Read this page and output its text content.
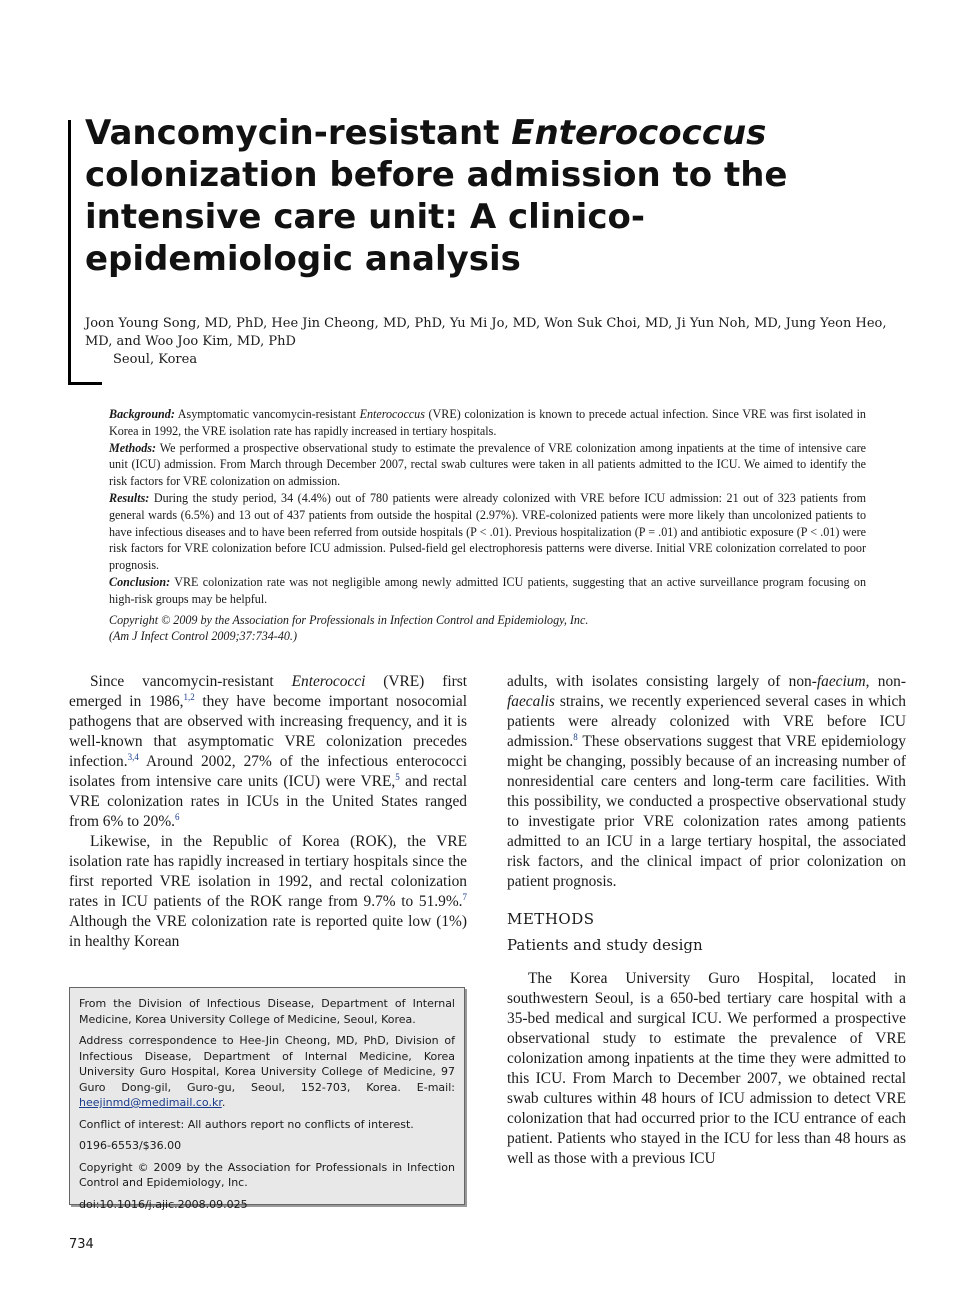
Vancomycin-resistant Enterococcus colonization before admission to the intensive care unit: A clinico-epidemiologic analysis
Joon Young Song, MD, PhD, Hee Jin Cheong, MD, PhD, Yu Mi Jo, MD, Won Suk Choi, MD, Ji Yun Noh, MD, Jung Yeon Heo, MD, and Woo Joo Kim, MD, PhD
Seoul, Korea

Background: Asymptomatic vancomycin-resistant Enterococcus (VRE) colonization is known to precede actual infection. Since VRE was first isolated in Korea in 1992, the VRE isolation rate has rapidly increased in tertiary hospitals.

Methods: We performed a prospective observational study to estimate the prevalence of VRE colonization among inpatients at the time of intensive care unit (ICU) admission. From March through December 2007, rectal swab cultures were taken in all patients admitted to the ICU. We aimed to identify the risk factors for VRE colonization on admission.

Results: During the study period, 34 (4.4%) out of 780 patients were already colonized with VRE before ICU admission: 21 out of 323 patients from general wards (6.5%) and 13 out of 437 patients from outside the hospital (2.97%). VRE-colonized patients were more likely than uncolonized patients to have infectious diseases and to have been referred from outside hospitals (P < .01). Previous hospitalization (P = .01) and antibiotic exposure (P < .01) were risk factors for VRE colonization before ICU admission. Pulsed-field gel electrophoresis patterns were diverse. Initial VRE colonization correlated to poor prognosis.

Conclusion: VRE colonization rate was not negligible among newly admitted ICU patients, suggesting that an active surveillance program focusing on high-risk groups may be helpful.

Copyright © 2009 by the Association for Professionals in Infection Control and Epidemiology, Inc.

(Am J Infect Control 2009;37:734-40.)

Since vancomycin-resistant Enterococci (VRE) first emerged in 1986,$^{1,2}$ they have become important nosocomial pathogens that are observed with increasing frequency, and it is well-known that asymptomatic VRE colonization precedes infection.$^{3,4}$ Around 2002, 27% of the infectious enterococci isolates from intensive care units (ICU) were VRE,$^5$ and rectal VRE colonization rates in ICUs in the United States ranged from 6% to 20%.$^6$

Likewise, in the Republic of Korea (ROK), the VRE isolation rate has rapidly increased in tertiary hospitals since the first reported VRE isolation in 1992, and rectal colonization rates in ICU patients of the ROK range from 9.7% to 51.9%.$^7$ Although the VRE colonization rate is reported quite low (1%) in healthy Korean

adults, with isolates consisting largely of non-faecium, non-faecalis strains, we recently experienced several cases in which patients were already colonized with VRE before ICU admission.$^8$ These observations suggest that VRE epidemiology might be changing, possibly because of an increasing number of nonresidential care centers and long-term care facilities. With this possibility, we conducted a prospective observational study to investigate prior VRE colonization rates among patients admitted to an ICU in a large tertiary hospital, the associated risk factors, and the clinical impact of prior colonization on patient prognosis.

METHODS
Patients and study design

The Korea University Guro Hospital, located in southwestern Seoul, is a 650-bed tertiary care hospital with a 35-bed medical and surgical ICU. We performed a prospective observational study to estimate the prevalence of VRE colonization among inpatients at the time they were admitted to this ICU. From March to December 2007, we obtained rectal swab cultures within 48 hours of ICU admission to detect VRE colonization that had occurred prior to the ICU entrance of each patient. Patients who stayed in the ICU for less than 48 hours as well as those with a previous ICU

From the Division of Infectious Disease, Department of Internal Medicine, Korea University College of Medicine, Seoul, Korea.

Address correspondence to Hee-Jin Cheong, MD, PhD, Division of Infectious Disease, Department of Internal Medicine, Korea University Guro Hospital, Korea University College of Medicine, 97 Guro Dong-gil, Guro-gu, Seoul, 152-703, Korea. E-mail: heejinmd@medimail.co.kr.

Conflict of interest: All authors report no conflicts of interest.

0196-6553/$36.00

Copyright © 2009 by the Association for Professionals in Infection Control and Epidemiology, Inc.

doi:10.1016/j.ajic.2008.09.025

734
